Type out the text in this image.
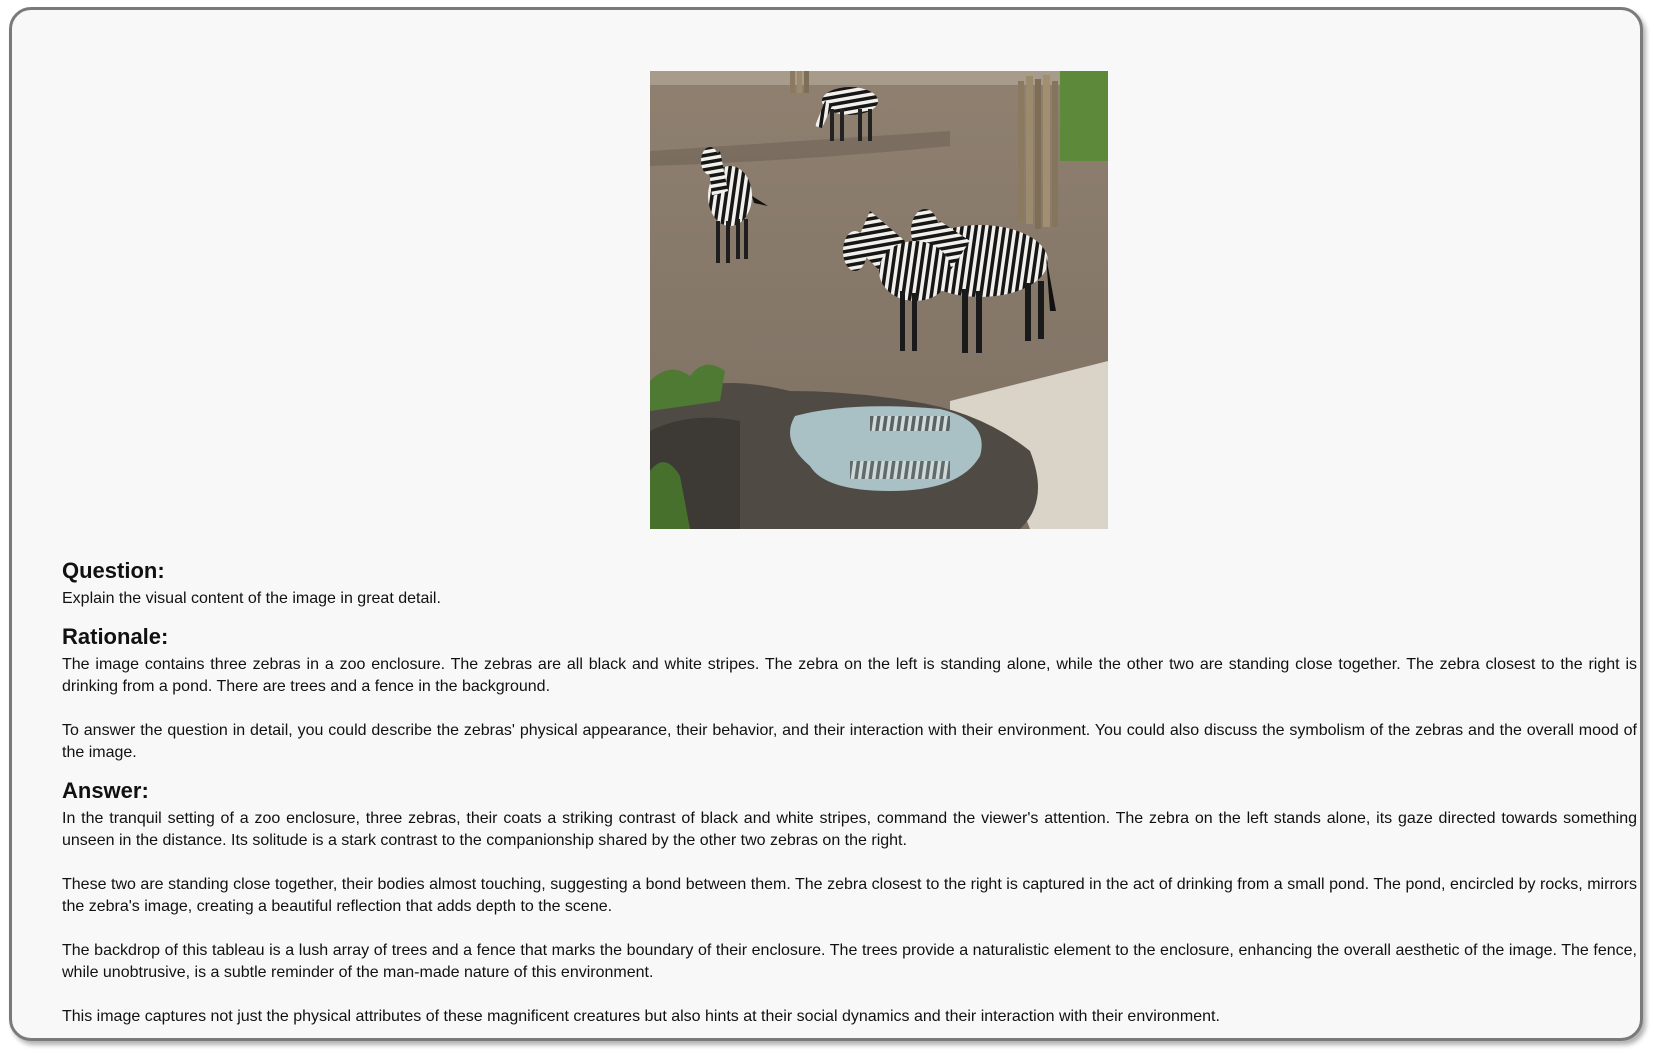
Question:

Explain the visual content of the image in great detail.

Rationale:

The image contains three zebras in a zoo enclosure. The zebras are all black and white stripes. The zebra on the left is standing alone, while the other two are standing close together. The zebra closest to the right is drinking from a pond. There are trees and a fence in the background.

To answer the question in detail, you could describe the zebras' physical appearance, their behavior, and their interaction with their environment. You could also discuss the symbolism of the zebras and the overall mood of the image.

Answer:

In the tranquil setting of a zoo enclosure, three zebras, their coats a striking contrast of black and white stripes, command the viewer's attention. The zebra on the left stands alone, its gaze directed towards something unseen in the distance. Its solitude is a stark contrast to the companionship shared by the other two zebras on the right.

These two are standing close together, their bodies almost touching, suggesting a bond between them. The zebra closest to the right is captured in the act of drinking from a small pond. The pond, encircled by rocks, mirrors the zebra's image, creating a beautiful reflection that adds depth to the scene.

The backdrop of this tableau is a lush array of trees and a fence that marks the boundary of their enclosure. The trees provide a naturalistic element to the enclosure, enhancing the overall aesthetic of the image. The fence, while unobtrusive, is a subtle reminder of the man-made nature of this environment.

This image captures not just the physical attributes of these magnificent creatures but also hints at their social dynamics and their interaction with their environment.
